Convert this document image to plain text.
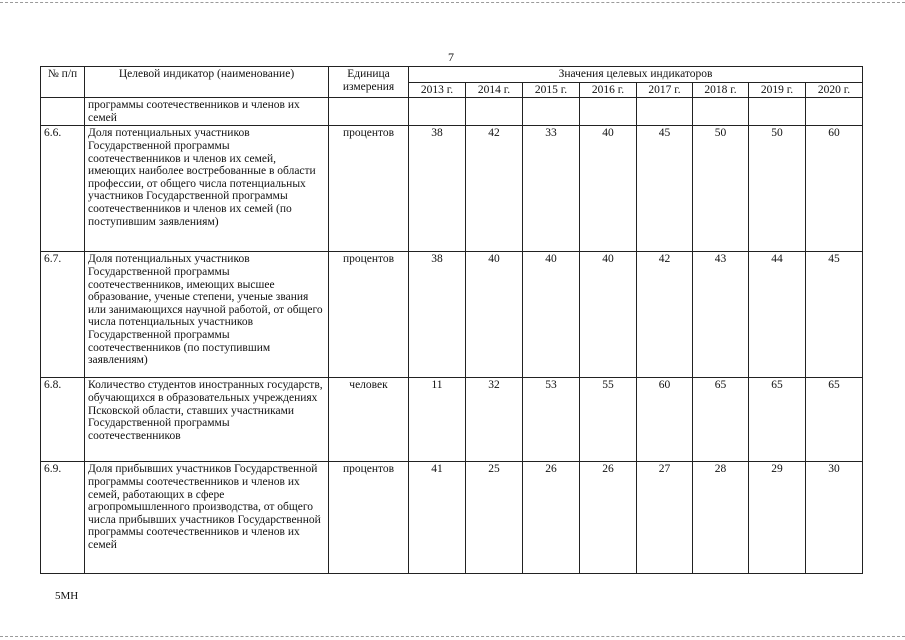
7
№ п/п	Целевой индикатор (наименование)	Единица измерения	Значения целевых индикаторов							
			2013 г.	2014 г.	2015 г.	2016 г.	2017 г.	2018 г.	2019 г.	2020 г.
	программы соотечественников и членов их семей									
6.6.	Доля потенциальных участников Государственной программы соотечественников и членов их семей, имеющих наиболее востребованные в области профессии, от общего числа потенциальных участников Государственной программы соотечественников и членов их семей (по поступившим заявлениям)	процентов	38	42	33	40	45	50	50	60
6.7.	Доля потенциальных участников Государственной программы соотечественников, имеющих высшее образование, ученые степени, ученые звания или занимающихся научной работой, от общего числа потенциальных участников Государственной программы соотечественников (по поступившим заявлениям)	процентов	38	40	40	40	42	43	44	45
6.8.	Количество студентов иностранных государств, обучающихся в образовательных учреждениях Псковской области, ставших участниками Государственной программы соотечественников	человек	11	32	53	55	60	65	65	65
6.9.	Доля прибывших участников Государственной программы соотечественников и членов их семей, работающих в сфере агропромышленного производства, от общего числа прибывших участников Государственной программы соотечественников и членов их семей	процентов	41	25	26	26	27	28	29	30
5МН
